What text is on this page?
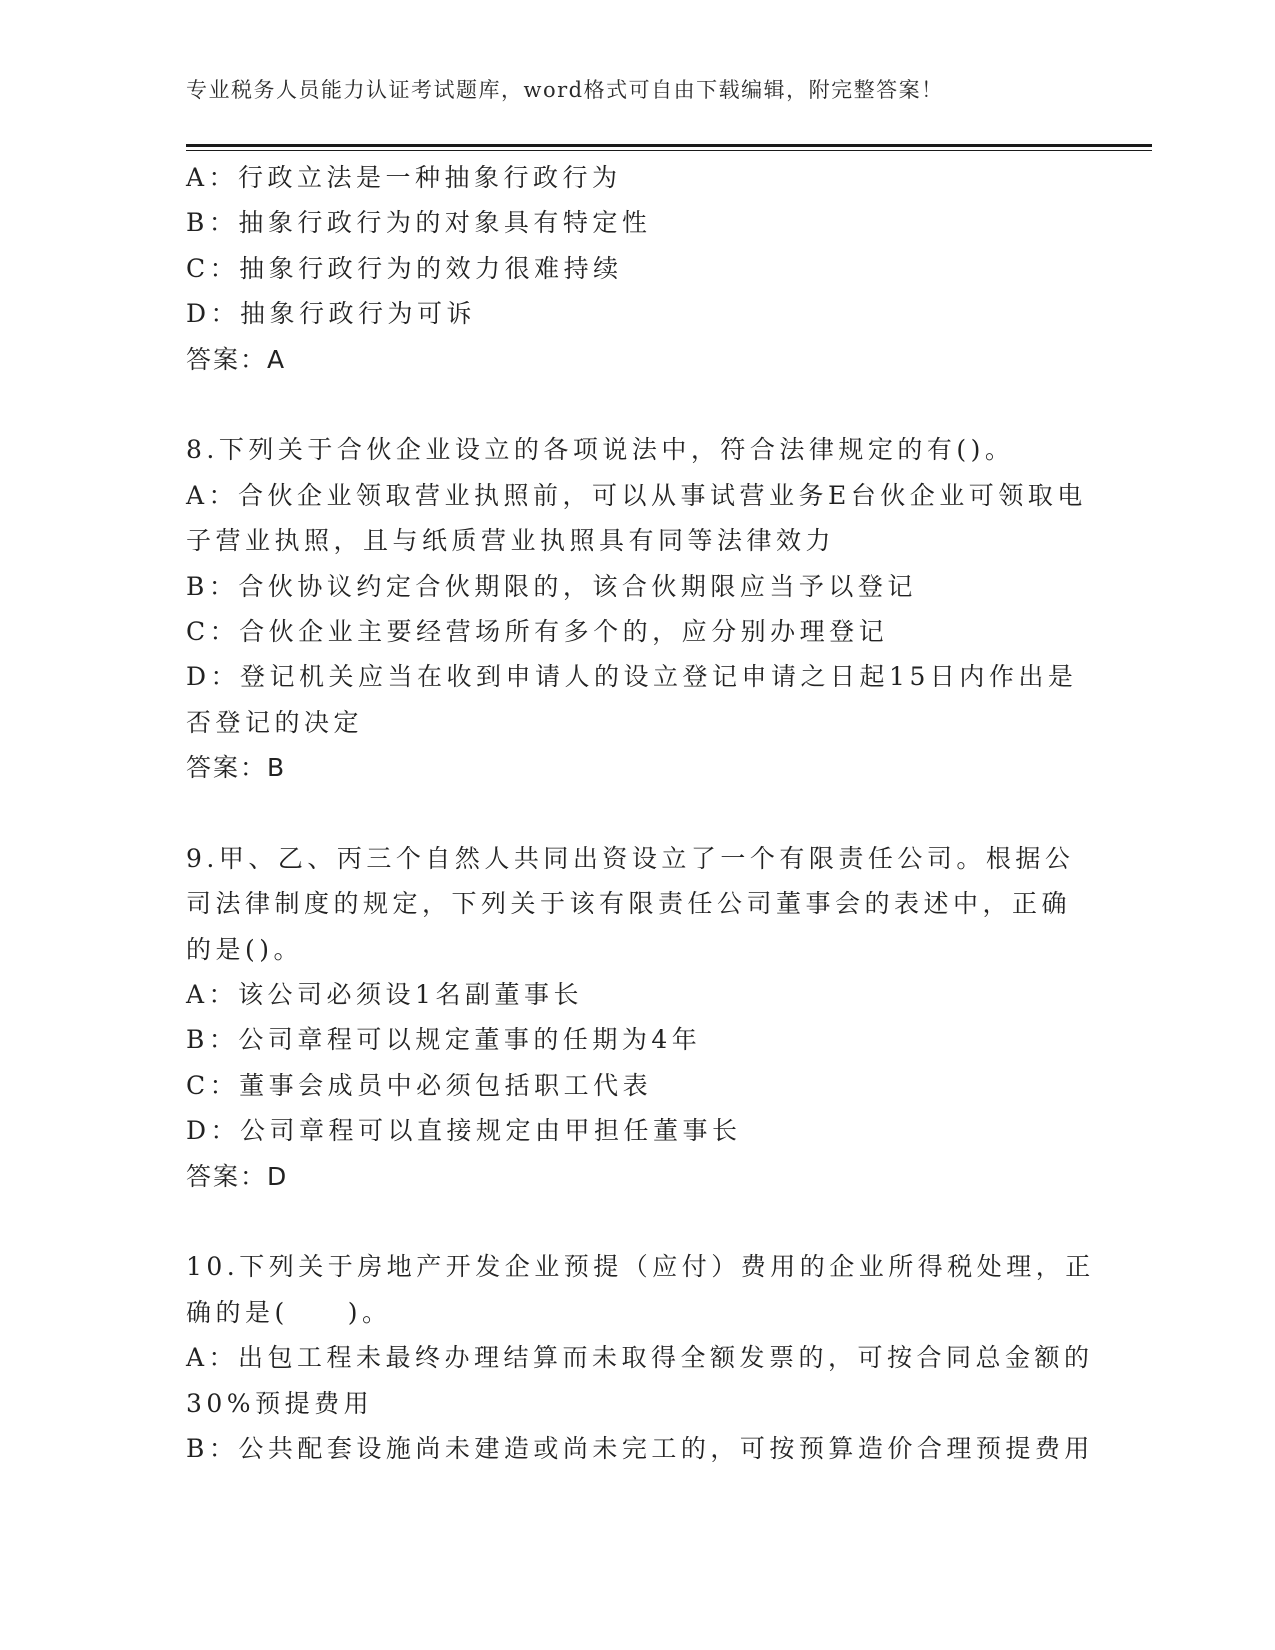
专业税务人员能力认证考试题库，word格式可自由下载编辑，附完整答案！
A：行政立法是一种抽象行政行为
B：抽象行政行为的对象具有特定性
C：抽象行政行为的效力很难持续
D：抽象行政行为可诉
答案：A
8.下列关于合伙企业设立的各项说法中，符合法律规定的有()。
A：合伙企业领取营业执照前，可以从事试营业务E台伙企业可领取电
子营业执照，且与纸质营业执照具有同等法律效力
B：合伙协议约定合伙期限的，该合伙期限应当予以登记
C：合伙企业主要经营场所有多个的，应分别办理登记
D：登记机关应当在收到申请人的设立登记申请之日起15日内作出是
否登记的决定
答案：B
9.甲、乙、丙三个自然人共同出资设立了一个有限责任公司。根据公
司法律制度的规定，下列关于该有限责任公司董事会的表述中，正确
的是()。
A：该公司必须设1名副董事长
B：公司章程可以规定董事的任期为4年
C：董事会成员中必须包括职工代表
D：公司章程可以直接规定由甲担任董事长
答案：D
10.下列关于房地产开发企业预提（应付）费用的企业所得税处理，正
确的是(　　)。
A：出包工程未最终办理结算而未取得全额发票的，可按合同总金额的
30%预提费用
B：公共配套设施尚未建造或尚未完工的，可按预算造价合理预提费用
